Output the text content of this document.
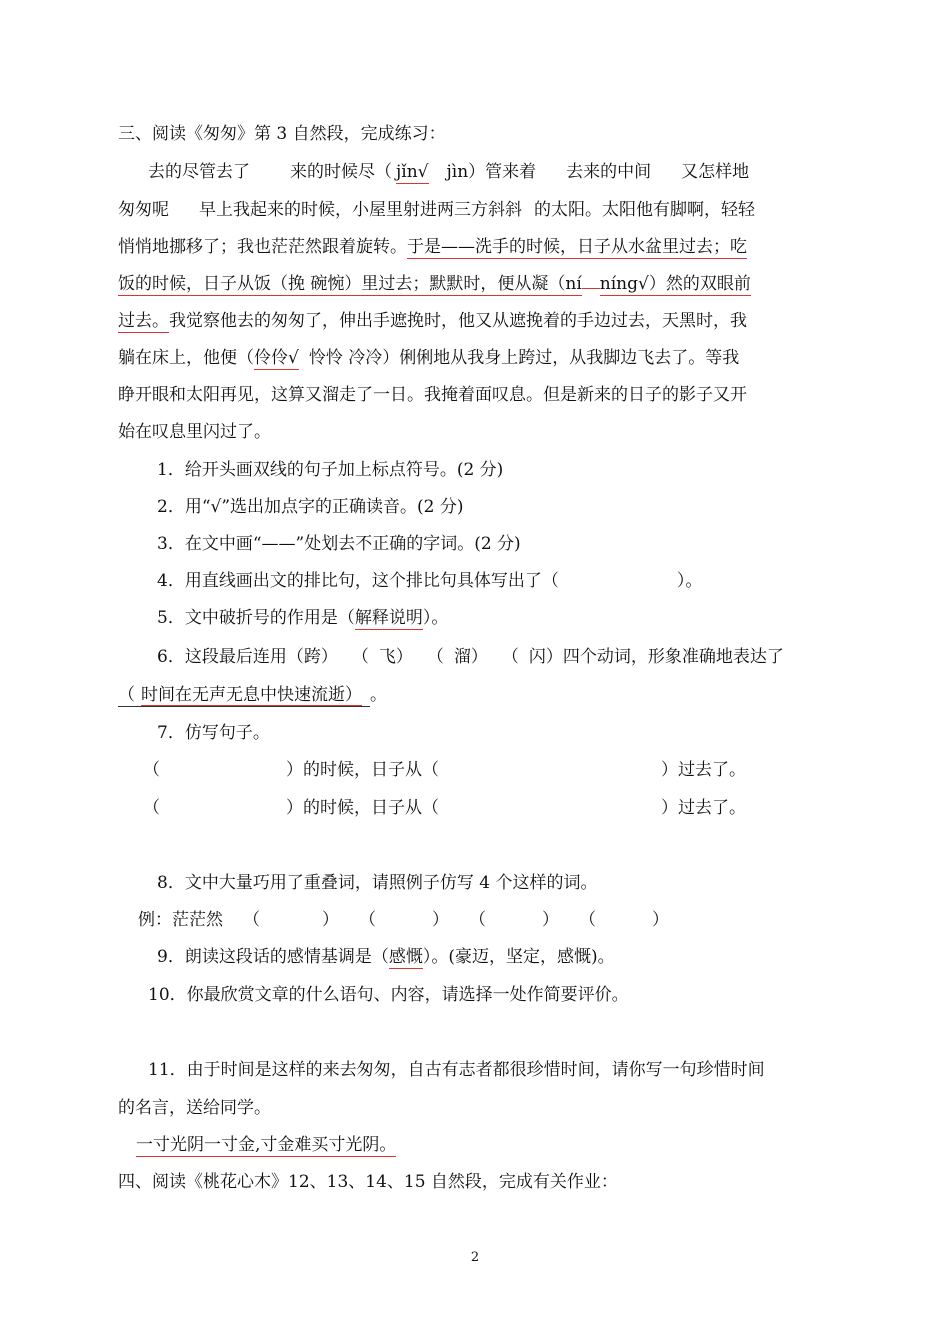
三、阅读《匆匆》第 3 自然段，完成练习：
去的尽管去了 来的时候尽（ jǐn√ jìn）管来着 去来的中间 又怎样地
匆匆呢 早上我起来的时候，小屋里射进两三方斜斜 的太阳。太阳他有脚啊，轻轻
悄悄地挪移了；我也茫茫然跟着旋转。于是——洗手的时候，日子从水盆里过去；吃
饭的时候，日子从饭（挽 碗惋）里过去；默默时，便从凝（ní níng√）然的双眼前
过去。我觉察他去的匆匆了，伸出手遮挽时，他又从遮挽着的手边过去，天黑时，我
躺在床上，他便（伶伶√ 怜怜 冷冷）俐俐地从我身上跨过，从我脚边飞去了。等我
睁开眼和太阳再见，这算又溜走了一日。我掩着面叹息。但是新来的日子的影子又开
始在叹息里闪过了。
1．给开头画双线的句子加上标点符号。(2 分)
2．用“√”选出加点字的正确读音。(2 分)
3．在文中画“——”处划去不正确的字词。(2 分)
4．用直线画出文的排比句，这个排比句具体写出了（	）。
5．文中破折号的作用是（解释说明）。
6．这段最后连用（跨） （ 飞） （ 溜） （ 闪）四个动词，形象准确地表达了
（ 时间在无声无息中快速流逝） 。
7．仿写句子。
（	）的时候，日子从（	）过去了。
（	）的时候，日子从（	）过去了。
8．文中大量巧用了重叠词，请照例子仿写 4 个这样的词。
例：茫茫然 （	） （	） （	） （	）
9．朗读这段话的感情基调是（感慨）。(豪迈，坚定，感慨)。
10．你最欣赏文章的什么语句、内容，请选择一处作简要评价。
11．由于时间是这样的来去匆匆，自古有志者都很珍惜时间，请你写一句珍惜时间
的名言，送给同学。
一寸光阴一寸金,寸金难买寸光阴。
四、阅读《桃花心木》12、13、14、15 自然段，完成有关作业：
2
